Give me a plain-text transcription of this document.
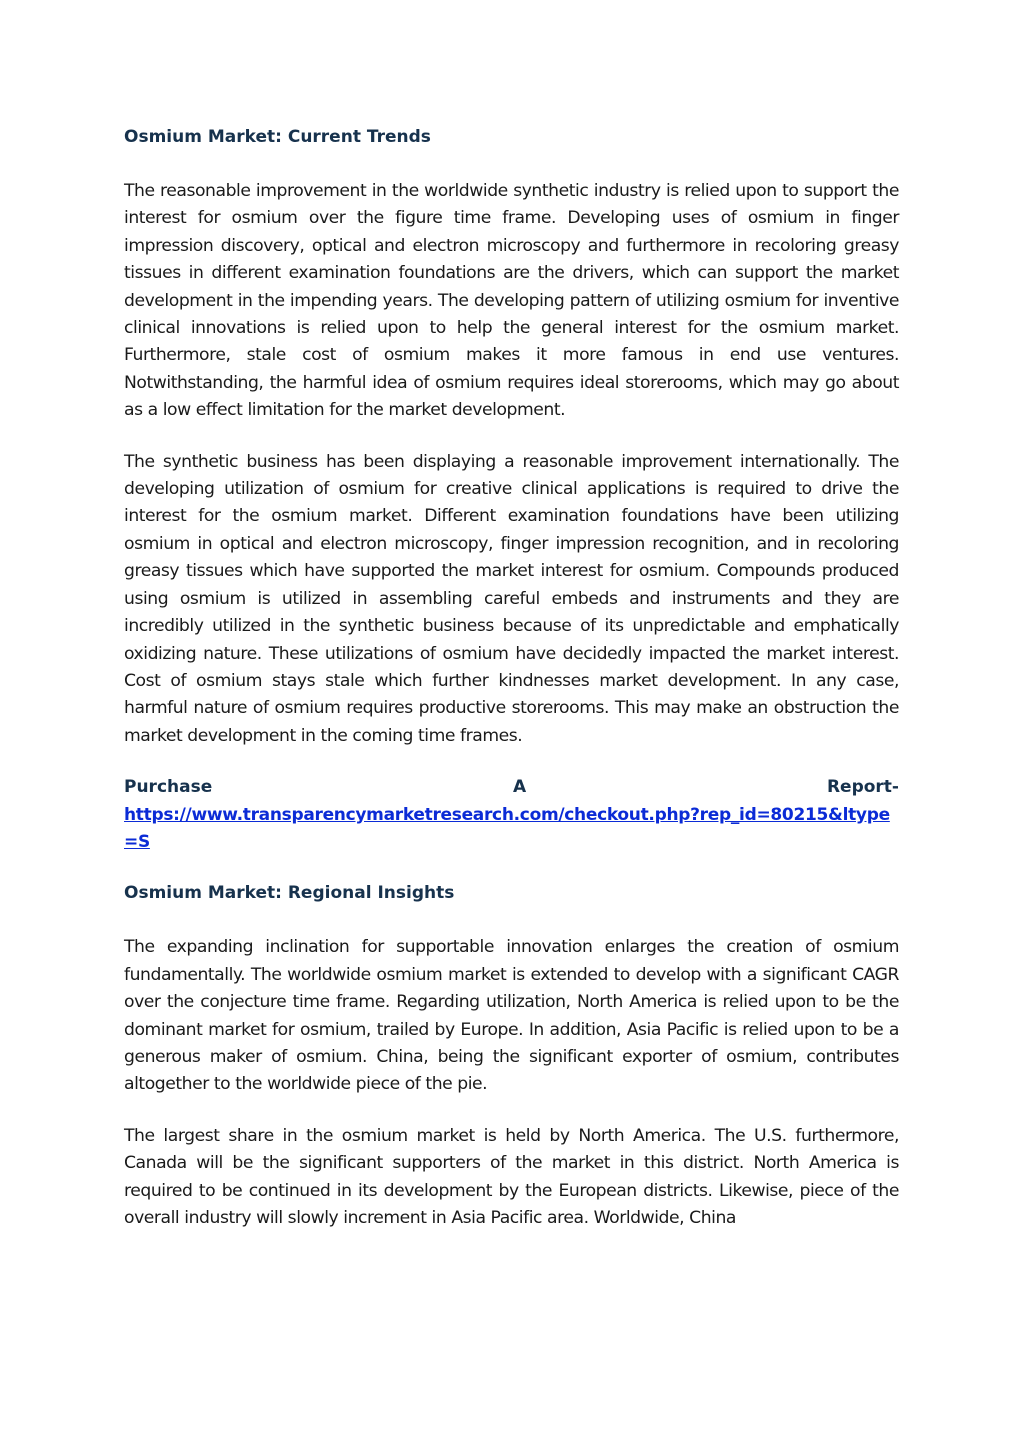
Osmium Market: Current Trends

The reasonable improvement in the worldwide synthetic industry is relied upon to support the interest for osmium over the figure time frame. Developing uses of osmium in finger impression discovery, optical and electron microscopy and furthermore in recoloring greasy tissues in different examination foundations are the drivers, which can support the market development in the impending years. The developing pattern of utilizing osmium for inventive clinical innovations is relied upon to help the general interest for the osmium market. Furthermore, stale cost of osmium makes it more famous in end use ventures. Notwithstanding, the harmful idea of osmium requires ideal storerooms, which may go about as a low effect limitation for the market development.

The synthetic business has been displaying a reasonable improvement internationally. The developing utilization of osmium for creative clinical applications is required to drive the interest for the osmium market. Different examination foundations have been utilizing osmium in optical and electron microscopy, finger impression recognition, and in recoloring greasy tissues which have supported the market interest for osmium. Compounds produced using osmium is utilized in assembling careful embeds and instruments and they are incredibly utilized in the synthetic business because of its unpredictable and emphatically oxidizing nature. These utilizations of osmium have decidedly impacted the market interest. Cost of osmium stays stale which further kindnesses market development. In any case, harmful nature of osmium requires productive storerooms. This may make an obstruction the market development in the coming time frames.

Purchase	A	Report-
https://www.transparencymarketresearch.com/checkout.php?rep_id=80215&ltype=S
Osmium Market: Regional Insights

The expanding inclination for supportable innovation enlarges the creation of osmium fundamentally. The worldwide osmium market is extended to develop with a significant CAGR over the conjecture time frame. Regarding utilization, North America is relied upon to be the dominant market for osmium, trailed by Europe. In addition, Asia Pacific is relied upon to be a generous maker of osmium. China, being the significant exporter of osmium, contributes altogether to the worldwide piece of the pie.

The largest share in the osmium market is held by North America. The U.S. furthermore, Canada will be the significant supporters of the market in this district. North America is required to be continued in its development by the European districts. Likewise, piece of the overall industry will slowly increment in Asia Pacific area. Worldwide, China
